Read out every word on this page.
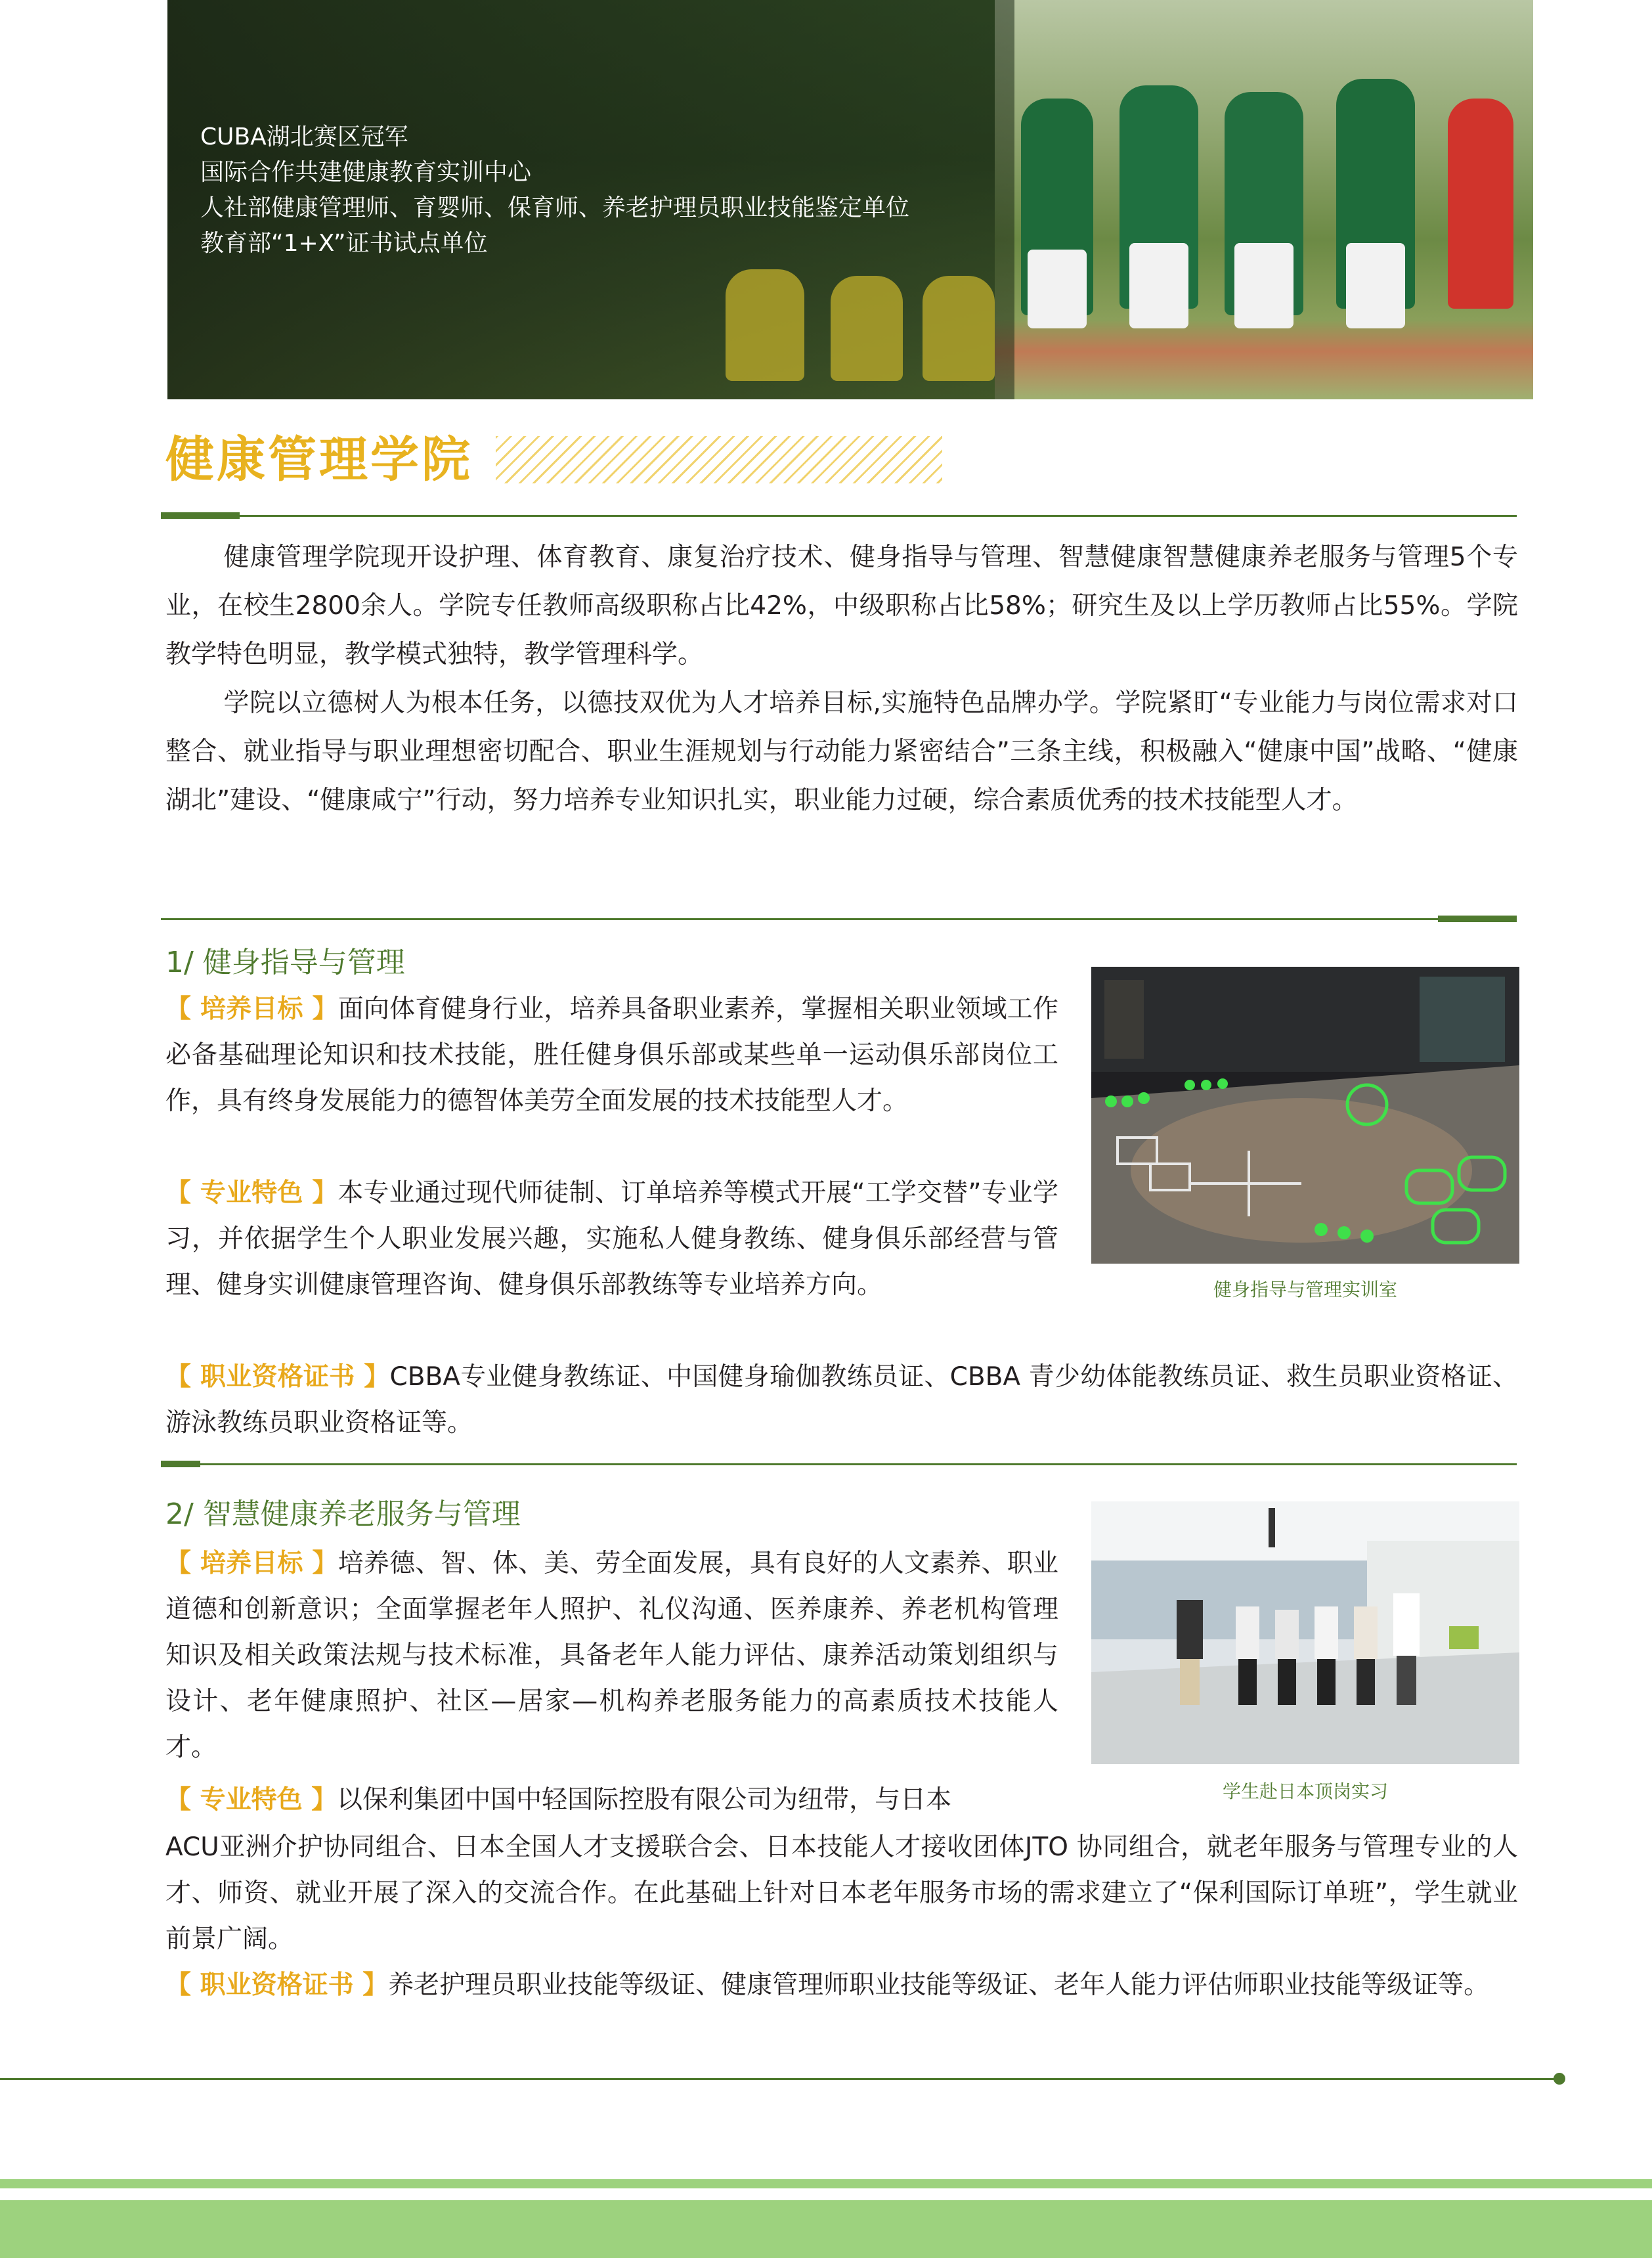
CUBA湖北赛区冠军
国际合作共建健康教育实训中心
人社部健康管理师、育婴师、保育师、养老护理员职业技能鉴定单位
教育部“1+X”证书试点单位
健康管理学院
健康管理学院现开设护理、体育教育、康复治疗技术、健身指导与管理、智慧健康智慧健康养老服务与管理5个专业，在校生2800余人。学院专任教师高级职称占比42%，中级职称占比58%；研究生及以上学历教师占比55%。学院教学特色明显，教学模式独特，教学管理科学。
学院以立德树人为根本任务，以德技双优为人才培养目标,实施特色品牌办学。学院紧盯“专业能力与岗位需求对口整合、就业指导与职业理想密切配合、职业生涯规划与行动能力紧密结合”三条主线，积极融入“健康中国”战略、“健康湖北”建设、“健康咸宁”行动，努力培养专业知识扎实，职业能力过硬，综合素质优秀的技术技能型人才。
1/ 健身指导与管理
【 培养目标 】面向体育健身行业，培养具备职业素养，掌握相关职业领域工作必备基础理论知识和技术技能，胜任健身俱乐部或某些单一运动俱乐部岗位工作，具有终身发展能力的德智体美劳全面发展的技术技能型人才。
【 专业特色 】本专业通过现代师徒制、订单培养等模式开展“工学交替”专业学习，并依据学生个人职业发展兴趣，实施私人健身教练、健身俱乐部经营与管理、健身实训健康管理咨询、健身俱乐部教练等专业培养方向。
【 职业资格证书 】CBBA专业健身教练证、中国健身瑜伽教练员证、CBBA 青少幼体能教练员证、救生员职业资格证、游泳教练员职业资格证等。
健身指导与管理实训室
2/ 智慧健康养老服务与管理
【 培养目标 】培养德、智、体、美、劳全面发展，具有良好的人文素养、职业道德和创新意识；全面掌握老年人照护、礼仪沟通、医养康养、养老机构管理知识及相关政策法规与技术标准，具备老年人能力评估、康养活动策划组织与设计、老年健康照护、社区—居家—机构养老服务能力的高素质技术技能人才。
【 专业特色 】以保利集团中国中轻国际控股有限公司为纽带，与日本
ACU亚洲介护协同组合、日本全国人才支援联合会、日本技能人才接收团体JTO 协同组合，就老年服务与管理专业的人才、师资、就业开展了深入的交流合作。在此基础上针对日本老年服务市场的需求建立了“保利国际订单班”，学生就业前景广阔。
【 职业资格证书 】养老护理员职业技能等级证、健康管理师职业技能等级证、老年人能力评估师职业技能等级证等。
学生赴日本顶岗实习
